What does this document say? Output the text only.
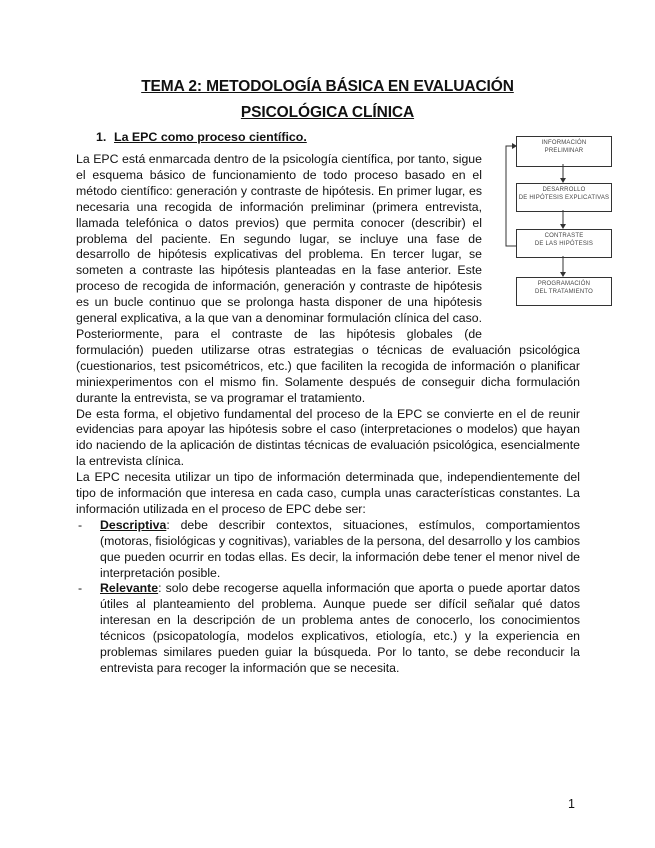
TEMA 2: METODOLOGÍA BÁSICA EN EVALUACIÓN
PSICOLÓGICA CLÍNICA
1. La EPC como proceso científico.	INFORMACIÓN
PRELIMINAR
DESARROLLO
DE HIPÓTESIS EXPLICATIVAS
CONTRASTE
DE LAS HIPÓTESIS
PROGRAMACIÓN
DEL TRATAMIENTO

La EPC está enmarcada dentro de la psicología científica, por tanto, sigue el esquema básico de funcionamiento de todo proceso basado en el método científico: generación y contraste de hipótesis. En primer lugar, es necesaria una recogida de información preliminar (primera entrevista, llamada telefónica o datos previos) que permita conocer (describir) el problema del paciente. En segundo lugar, se incluye una fase de desarrollo de hipótesis explicativas del problema. En tercer lugar, se someten a contraste las hipótesis planteadas en la fase anterior. Este proceso de recogida de información, generación y contraste de hipótesis es un bucle continuo que se prolonga hasta disponer de una hipótesis general explicativa, a la que van a denominar formulación clínica del caso. Posteriormente, para el contraste de las hipótesis globales (de formulación) pueden utilizarse otras estrategias o técnicas de evaluación psicológica (cuestionarios, test psicométricos, etc.) que faciliten la recogida de información o planificar miniexperimentos con el mismo fin. Solamente después de conseguir dicha formulación durante la entrevista, se va programar el tratamiento.

De esta forma, el objetivo fundamental del proceso de la EPC se convierte en el de reunir evidencias para apoyar las hipótesis sobre el caso (interpretaciones o modelos) que hayan ido naciendo de la aplicación de distintas técnicas de evaluación psicológica, esencialmente la entrevista clínica.

La EPC necesita utilizar un tipo de información determinada que, independientemente del tipo de información que interesa en cada caso, cumpla unas características constantes. La información utilizada en el proceso de EPC debe ser:

- Descriptiva: debe describir contextos, situaciones, estímulos, comportamientos (motoras, fisiológicas y cognitivas), variables de la persona, del desarrollo y los cambios que pueden ocurrir en todas ellas. Es decir, la información debe tener el menor nivel de interpretación posible.
- Relevante: solo debe recogerse aquella información que aporta o puede aportar datos útiles al planteamiento del problema. Aunque puede ser difícil señalar qué datos interesan en la descripción de un problema antes de conocerlo, los conocimientos técnicos (psicopatología, modelos explicativos, etiología, etc.) y la experiencia en problemas similares pueden guiar la búsqueda. Por lo tanto, se debe reconducir la entrevista para recoger la información que se necesita.
1
